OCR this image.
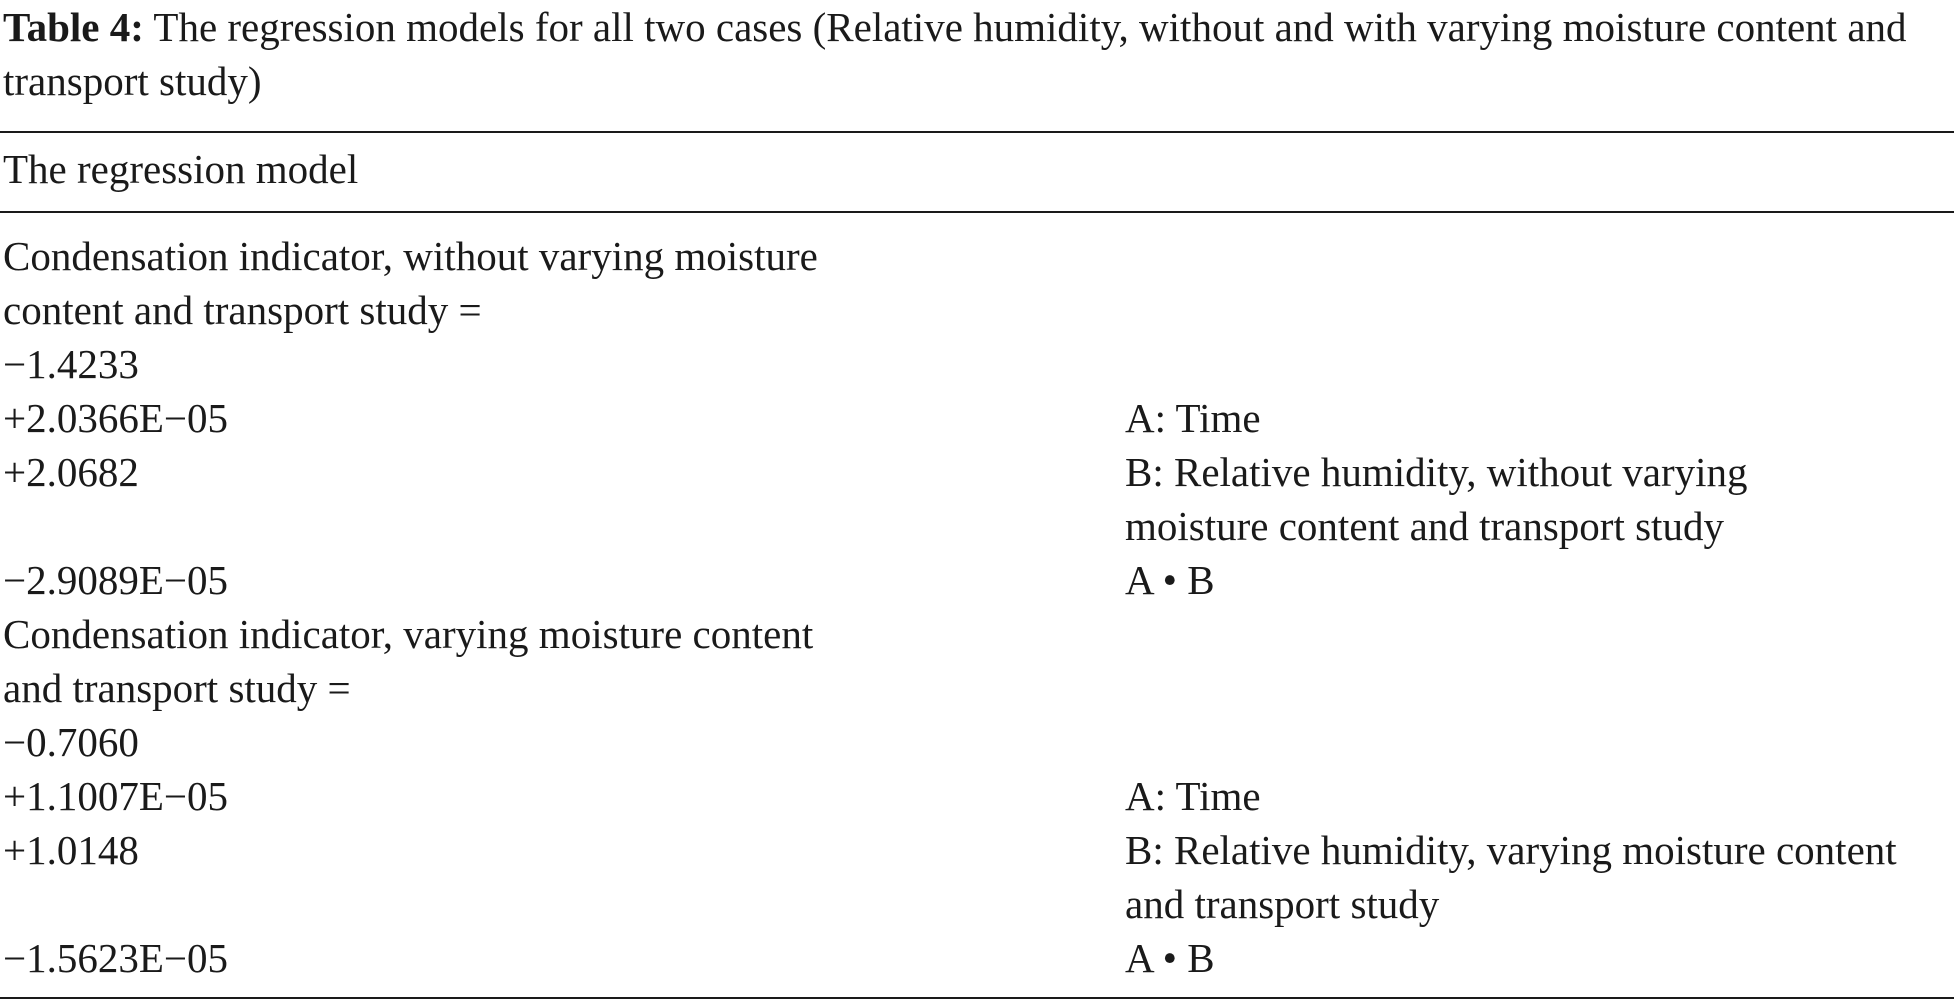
Table 4: The regression models for all two cases (Relative humidity, without and with varying moisture content and transport study)

The regression model
Condensation indicator, without varying moisture content and transport study =
−1.4233
+2.0366E−05	A: Time
+2.0682	B: Relative humidity, without varying moisture content and transport study
−2.9089E−05	A • B
Condensation indicator, varying moisture content and transport study =
−0.7060
+1.1007E−05	A: Time
+1.0148	B: Relative humidity, varying moisture content and transport study
−1.5623E−05	A • B
